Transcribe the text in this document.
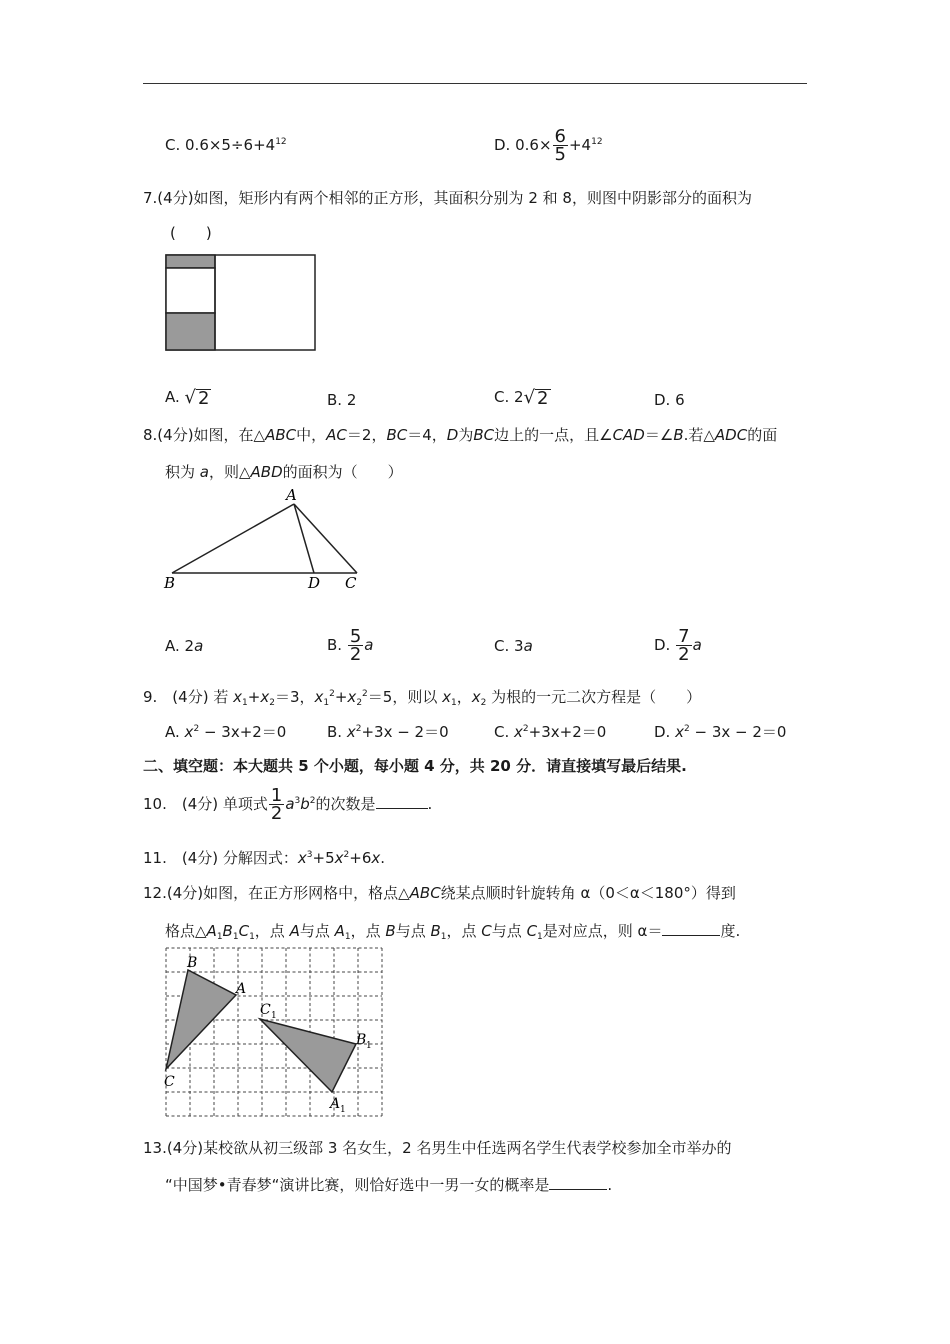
C. $0.6\times 5\div 6+4^{12}$	D. $0.6\times \frac{6}{5} +4^{12}$
7.(4分)如图，矩形内有两个相邻的正方形，其面积分别为 2 和 8，则图中阴影部分的面积为
(　　)
A. √ 2	B. 2	C. 2 √ 2	D. 6
8.(4分)如图，在△ABC中，AC＝2，BC＝4，D为BC边上的一点，且∠CAD＝∠B.若△ADC的面
积为 a，则△ABD的面积为（　　）
A
B	D C
A. 2a	B. $\frac{5}{2}$ a	C. 3a	D. $\frac{7}{2}$ a
9.　(4分) 若 $x_1+x_2=3$，$x_1^2+x_2^2=5$，则以 $x_1$，$x_2$ 为根的一元二次方程是（　　）
A. $x^2 - 3x+2=0$	B. $x^2+3x - 2=0$	C. $x^2+3x+2=0$	D. $x^2 - 3x - 2=0$
二、填空题：本大题共 5 个小题，每小题 4 分，共 20 分．请直接填写最后结果.
10.　(4分) 单项式 $\frac{1}{2} a^3b^2$的次数是	.
11.　(4分) 分解因式：$x^3+5x^2+6x$.
12.(4分)如图，在正方形网格中，格点△ABC绕某点顺时针旋转角 α（0＜α＜180°）得到
格点$\triangle A_1B_1C_1$，点 A与点 $A_1$，点 B与点 $B_1$，点 C与点 $C_1$是对应点，则 α＝	度.
B
A
C
C 1
B 1
A 1
13.(4分)某校欲从初三级部 3 名女生，2 名男生中任选两名学生代表学校参加全市举办的
“中国梦•青春梦“演讲比赛，则恰好选中一男一女的概率是	.
